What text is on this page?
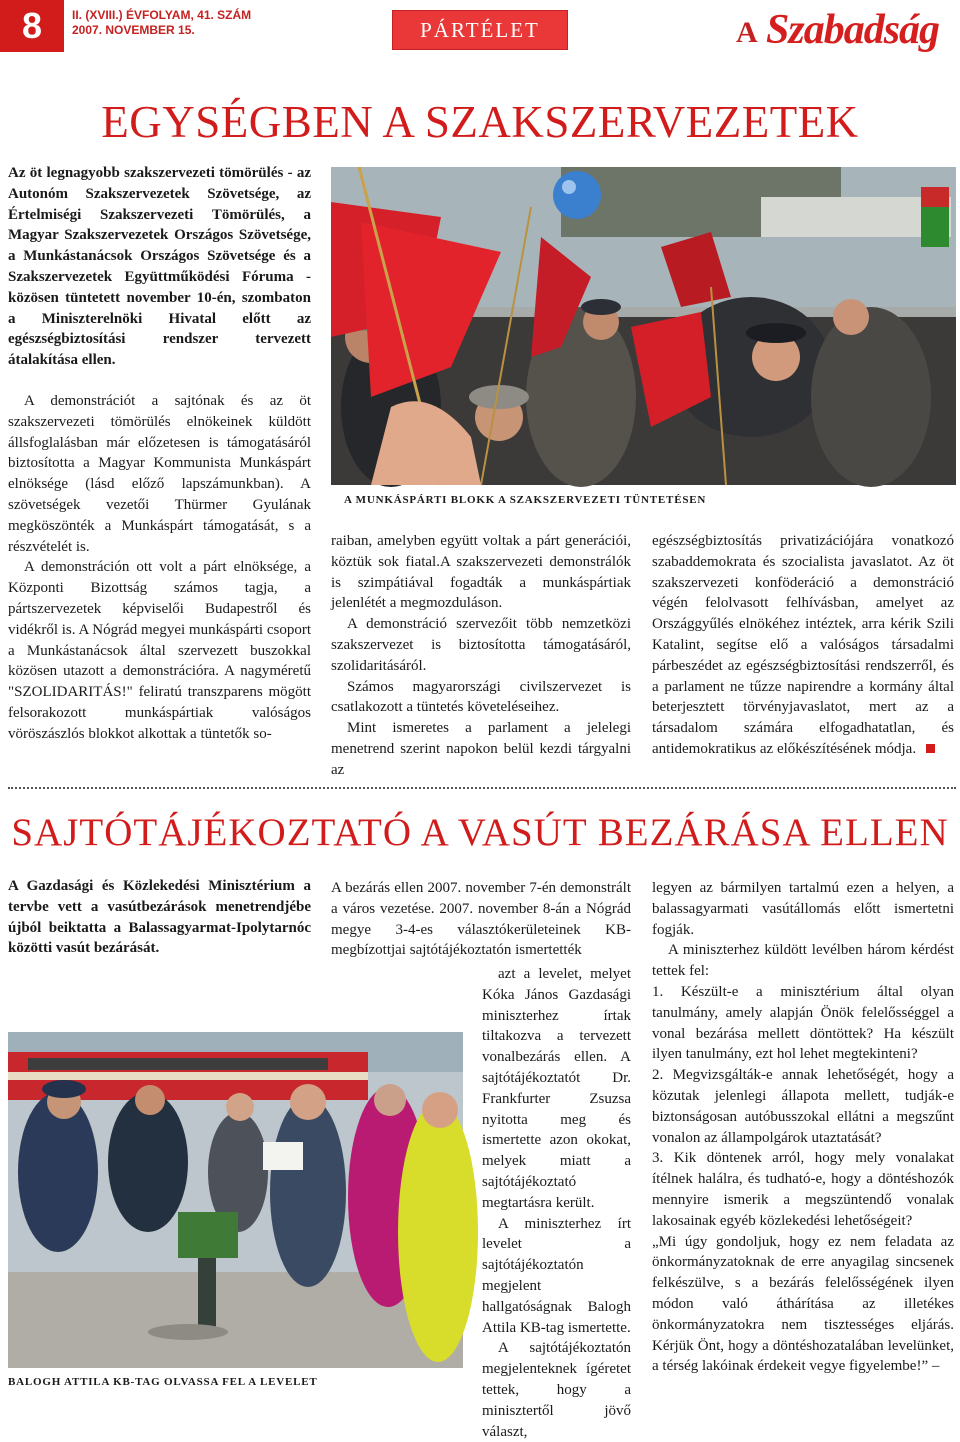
8	II. (XVIII.) ÉVFOLYAM, 41. SZÁM
2007. NOVEMBER 15.	PÁRTÉLET	A Szabadság
EGYSÉGBEN A SZAKSZERVEZETEK

Az öt legnagyobb szakszervezeti tömörülés - az Autonóm Szakszervezetek Szövetsége, az Értelmiségi Szakszervezeti Tömörülés, a Magyar Szakszervezetek Országos Szövetsége, a Munkástanácsok Országos Szövetsége és a Szakszervezetek Együttműködési Fóruma - közösen tüntetett november 10-én, szombaton a Miniszterelnöki Hivatal előtt az egészségbiztosítási rendszer tervezett átalakítása ellen.

A demonstrációt a sajtónak és az öt szakszervezeti tömörülés elnökeinek küldött állsfoglalásban már előzetesen is támogatásáról biztosította a Magyar Kommunista Munkáspárt elnöksége (lásd előző lapszámunkban). A szövetségek vezetői Thürmer Gyulának megköszönték a Munkáspárt támogatását, s a részvételét is.

A demonstráción ott volt a párt elnöksége, a Központi Bizottság számos tagja, a pártszervezetek képviselői Budapestről és vidékről is. A Nógrád megyei munkáspárti csoport a Munkástanácsok által szervezett buszokkal közösen utazott a demonstrációra. A nagyméretű "SZOLIDARITÁS!" feliratú transzparens mögött felsorakozott munkáspártiak valóságos vöröszászlós blokkot alkottak a tüntetők so-

A MUNKÁSPÁRTI BLOKK A SZAKSZERVEZETI TÜNTETÉSEN

raiban, amelyben együtt voltak a párt generációi, köztük sok fiatal.A szakszervezeti demonstrálók is szimpátiával fogadták a munkáspártiak jelenlétét a megmozduláson.

A demonstráció szervezőit több nemzetközi szakszervezet is biztosította támogatásáról, szolidaritásáról.

Számos magyarországi civilszervezet is csatlakozott a tüntetés követeléseihez.

Mint ismeretes a parlament a jelelegi menetrend szerint napokon belül kezdi tárgyalni az

egészségbiztosítás privatizációjára vonatkozó szabaddemokrata és szocialista javaslatot. Az öt szakszervezeti konföderáció a demonstráció végén felolvasott felhívásban, amelyet az Országgyűlés elnökéhez intéztek, arra kérik Szili Katalint, segítse elő a valóságos társadalmi párbeszédet az egészségbiztosítási rendszerről, és a parlament ne tűzze napirendre a kormány által beterjesztett törvényjavaslatot, mert az a társadalom számára elfogadhatatlan, és antidemokratikus az előkészítésének módja.

SAJTÓTÁJÉKOZTATÓ A VASÚT BEZÁRÁSA ELLEN

A Gazdasági és Közlekedési Minisztérium a tervbe vett a vasútbezárások menetrendjébe újból beiktatta a Balassagyarmat-Ipolytarnóc közötti vasút bezárását.

BALOGH ATTILA KB-TAG OLVASSA FEL A LEVELET

A bezárás ellen 2007. november 7-én demonstrált a város vezetése. 2007. november 8-án a Nógrád megye 3-4-es választókerületeinek KB-megbízottjai sajtótájékoztatón ismertették

azt a levelet, melyet Kóka János Gazdasági miniszterhez írtak tiltakozva a tervezett vonalbezárás ellen. A sajtótájékoztatót Dr. Frankfurter Zsuzsa nyitotta meg és ismertette azon okokat, melyek miatt a sajtótájékoztató megtartásra került.

A miniszterhez írt levelet a sajtótájékoztatón megjelent hallgatóságnak Balogh Attila KB-tag ismertette.

A sajtótájékoztatón megjelenteknek ígéretet tettek, hogy a minisztertől jövő választ,

legyen az bármilyen tartalmú ezen a helyen, a balassagyarmati vasútállomás előtt ismertetni fogják.

A miniszterhez küldött levélben három kérdést tettek fel:

1. Készült-e a minisztérium által olyan tanulmány, amely alapján Önök felelősséggel a vonal bezárása mellett döntöttek? Ha készült ilyen tanulmány, ezt hol lehet megtekinteni?

2. Megvizsgálták-e annak lehetőségét, hogy a közutak jelenlegi állapota mellett, tudják-e biztonságosan autóbusszokal ellátni a megszűnt vonalon az állampolgárok utaztatását?

3. Kik döntenek arról, hogy mely vonalakat ítélnek halálra, és tudható-e, hogy a döntéshozók mennyire ismerik a megszüntendő vonalak lakosainak egyéb közlekedési lehetőségeit?

„Mi úgy gondoljuk, hogy ez nem feladata az önkormányzatoknak de erre anyagilag sincsenek felkészülve, s a bezárás felelősségének ilyen módon való áthárítása az illetékes önkormányzatokra nem tisztességes eljárás. Kérjük Önt, hogy a döntéshozatalában levelünket, a térség lakóinak érdekeit vegye figyelembe!” –
